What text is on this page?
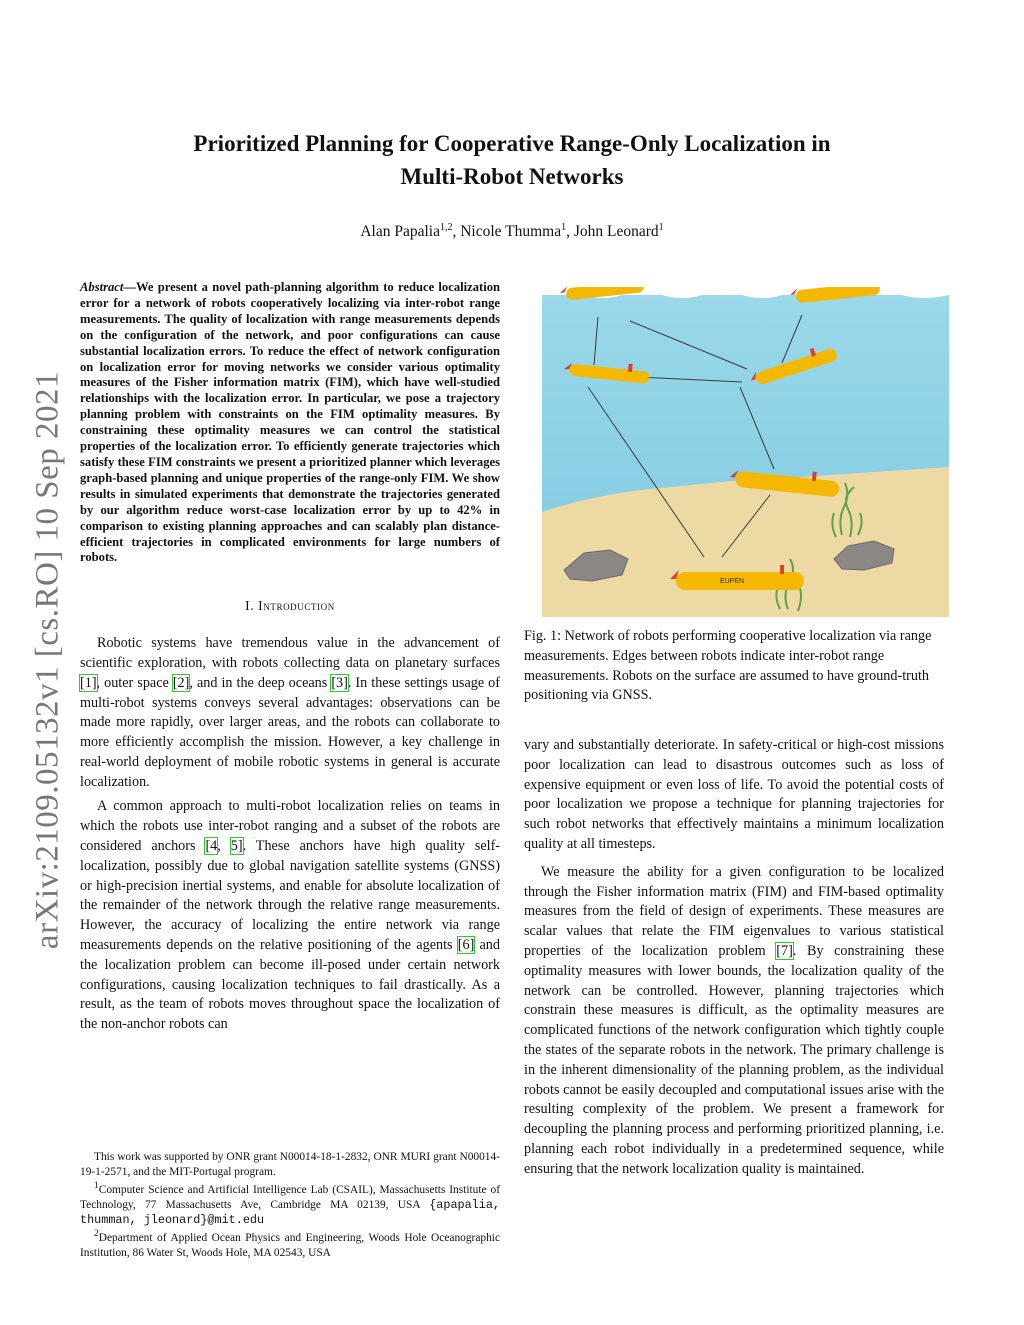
Prioritized Planning for Cooperative Range-Only Localization in
Multi-Robot Networks
Alan Papalia$^{1,2}$, Nicole Thumma$^1$, John Leonard$^1$
arXiv:2109.05132v1 [cs.RO] 10 Sep 2021

Abstract—We present a novel path-planning algorithm to reduce localization error for a network of robots cooperatively localizing via inter-robot range measurements. The quality of localization with range measurements depends on the configuration of the network, and poor configurations can cause substantial localization errors. To reduce the effect of network configuration on localization error for moving networks we consider various optimality measures of the Fisher information matrix (FIM), which have well-studied relationships with the localization error. In particular, we pose a trajectory planning problem with constraints on the FIM optimality measures. By constraining these optimality measures we can control the statistical properties of the localization error. To efficiently generate trajectories which satisfy these FIM constraints we present a prioritized planner which leverages graph-based planning and unique properties of the range-only FIM. We show results in simulated experiments that demonstrate the trajectories generated by our algorithm reduce worst-case localization error by up to 42% in comparison to existing planning approaches and can scalably plan distance-efficient trajectories in complicated environments for large numbers of robots.

I. Introduction

Robotic systems have tremendous value in the advancement of scientific exploration, with robots collecting data on planetary surfaces [1], outer space [2], and in the deep oceans [3]. In these settings usage of multi-robot systems conveys several advantages: observations can be made more rapidly, over larger areas, and the robots can collaborate to more efficiently accomplish the mission. However, a key challenge in real-world deployment of mobile robotic systems in general is accurate localization.

A common approach to multi-robot localization relies on teams in which the robots use inter-robot ranging and a subset of the robots are considered anchors [4, 5]. These anchors have high quality self-localization, possibly due to global navigation satellite systems (GNSS) or high-precision inertial systems, and enable for absolute localization of the remainder of the network through the relative range measurements. However, the accuracy of localizing the entire network via range measurements depends on the relative positioning of the agents [6] and the localization problem can become ill-posed under certain network configurations, causing localization techniques to fail drastically. As a result, as the team of robots moves throughout space the localization of the non-anchor robots can

This work was supported by ONR grant N00014-18-1-2832, ONR MURI grant N00014-19-1-2571, and the MIT-Portugal program.

$^1$Computer Science and Artificial Intelligence Lab (CSAIL), Massachusetts Institute of Technology, 77 Massachusetts Ave, Cambridge MA 02139, USA {apapalia, thumman, jleonard}@mit.edu

$^2$Department of Applied Ocean Physics and Engineering, Woods Hole Oceanographic Institution, 86 Water St, Woods Hole, MA 02543, USA

EUPEN
Fig. 1: Network of robots performing cooperative localization via range measurements. Edges between robots indicate inter-robot range measurements. Robots on the surface are assumed to have ground-truth positioning via GNSS.

vary and substantially deteriorate. In safety-critical or high-cost missions poor localization can lead to disastrous outcomes such as loss of expensive equipment or even loss of life. To avoid the potential costs of poor localization we propose a technique for planning trajectories for such robot networks that effectively maintains a minimum localization quality at all timesteps.

We measure the ability for a given configuration to be localized through the Fisher information matrix (FIM) and FIM-based optimality measures from the field of design of experiments. These measures are scalar values that relate the FIM eigenvalues to various statistical properties of the localization problem [7]. By constraining these optimality measures with lower bounds, the localization quality of the network can be controlled. However, planning trajectories which constrain these measures is difficult, as the optimality measures are complicated functions of the network configuration which tightly couple the states of the separate robots in the network. The primary challenge is in the inherent dimensionality of the planning problem, as the individual robots cannot be easily decoupled and computational issues arise with the resulting complexity of the problem. We present a framework for decoupling the planning process and performing prioritized planning, i.e. planning each robot individually in a predetermined sequence, while ensuring that the network localization quality is maintained.
